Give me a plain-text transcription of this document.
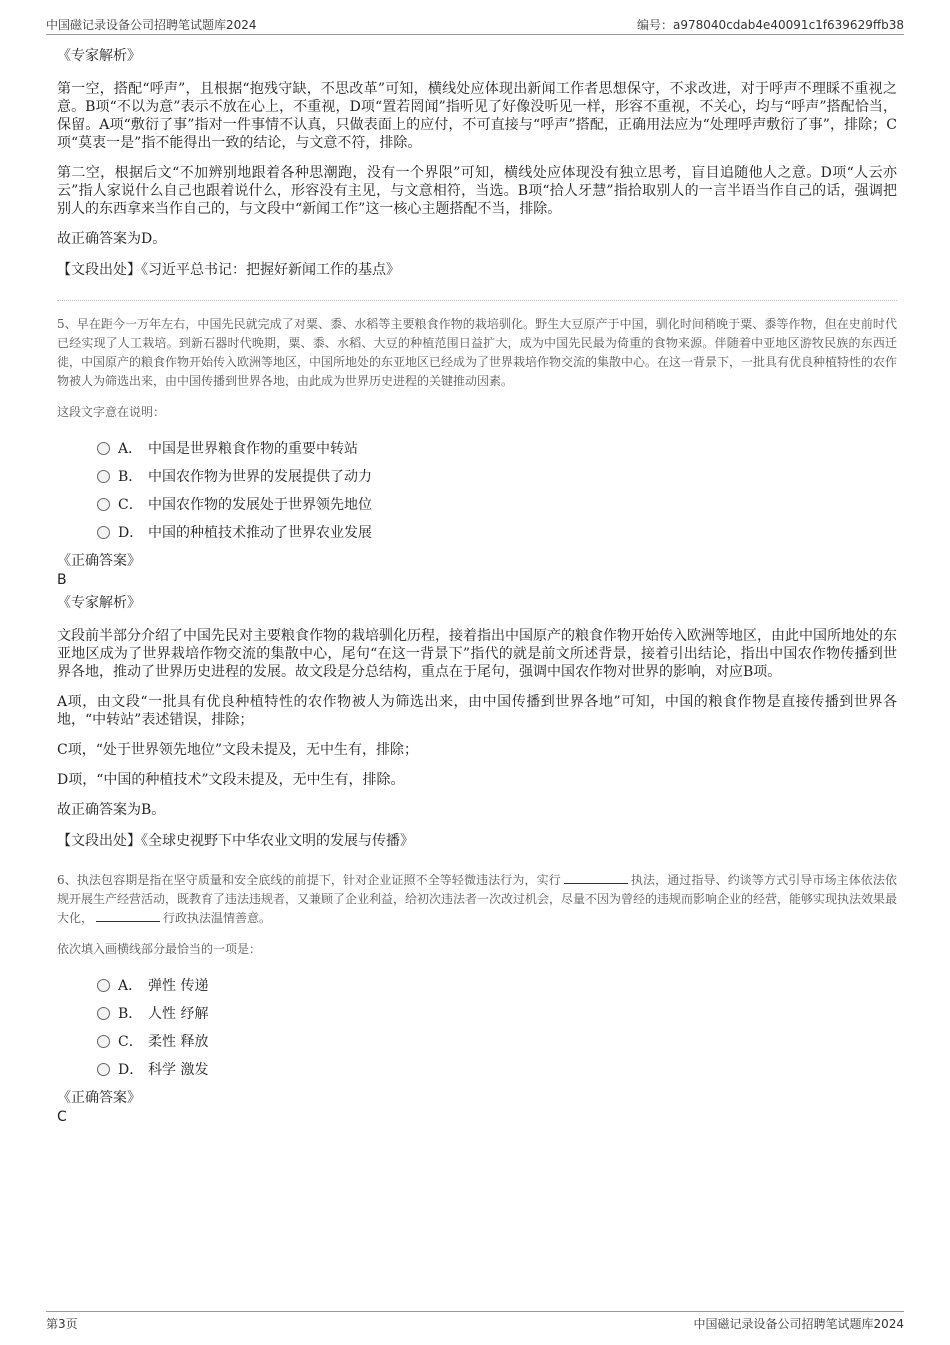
中国磁记录设备公司招聘笔试题库2024	编号：a978040cdab4e40091c1f639629ffb38
《专家解析》

第一空，搭配“呼声”，且根据“抱残守缺，不思改革”可知，横线处应体现出新闻工作者思想保守，不求改进，对于呼声不理睬不重视之意。B项“不以为意”表示不放在心上，不重视，D项“置若罔闻”指听见了好像没听见一样，形容不重视，不关心，均与“呼声”搭配恰当，保留。A项“敷衍了事”指对一件事情不认真，只做表面上的应付，不可直接与“呼声”搭配，正确用法应为“处理呼声敷衍了事”，排除；C项“莫衷一是”指不能得出一致的结论，与文意不符，排除。

第二空，根据后文“不加辨别地跟着各种思潮跑，没有一个界限”可知，横线处应体现没有独立思考，盲目追随他人之意。D项“人云亦云”指人家说什么自己也跟着说什么，形容没有主见，与文意相符，当选。B项“拾人牙慧”指拾取别人的一言半语当作自己的话，强调把别人的东西拿来当作自己的，与文段中“新闻工作”这一核心主题搭配不当，排除。

故正确答案为D。

【文段出处】《习近平总书记：把握好新闻工作的基点》

5、早在距今一万年左右，中国先民就完成了对粟、黍、水稻等主要粮食作物的栽培驯化。野生大豆原产于中国，驯化时间稍晚于粟、黍等作物，但在史前时代已经实现了人工栽培。到新石器时代晚期，粟、黍、水稻、大豆的种植范围日益扩大，成为中国先民最为倚重的食物来源。伴随着中亚地区游牧民族的东西迁徙，中国原产的粮食作物开始传入欧洲等地区，中国所地处的东亚地区已经成为了世界栽培作物交流的集散中心。在这一背景下，一批具有优良种植特性的农作物被人为筛选出来，由中国传播到世界各地，由此成为世界历史进程的关键推动因素。

这段文字意在说明：
A． 中国是世界粮食作物的重要中转站
B． 中国农作物为世界的发展提供了动力
C． 中国农作物的发展处于世界领先地位
D． 中国的种植技术推动了世界农业发展
《正确答案》
B
《专家解析》

文段前半部分介绍了中国先民对主要粮食作物的栽培驯化历程，接着指出中国原产的粮食作物开始传入欧洲等地区，由此中国所地处的东亚地区成为了世界栽培作物交流的集散中心，尾句“在这一背景下”指代的就是前文所述背景，接着引出结论，指出中国农作物传播到世界各地，推动了世界历史进程的发展。故文段是分总结构，重点在于尾句，强调中国农作物对世界的影响，对应B项。

A项，由文段“一批具有优良种植特性的农作物被人为筛选出来，由中国传播到世界各地”可知，中国的粮食作物是直接传播到世界各地，“中转站”表述错误，排除；

C项，“处于世界领先地位”文段未提及，无中生有，排除；

D项，“中国的种植技术”文段未提及，无中生有，排除。

故正确答案为B。

【文段出处】《全球史视野下中华农业文明的发展与传播》

6、执法包容期是指在坚守质量和安全底线的前提下，针对企业证照不全等轻微违法行为，实行	执法，通过指导、约谈等方式引导市场主体依法依规开展生产经营活动，既教育了违法违规者，又兼顾了企业利益，给初次违法者一次改过机会，尽量不因为曾经的违规而影响企业的经营，能够实现执法效果最大化，	行政执法温情善意。

依次填入画横线部分最恰当的一项是：
A． 弹性 传递
B． 人性 纾解
C． 柔性 释放
D． 科学 激发
《正确答案》
C
第3页	中国磁记录设备公司招聘笔试题库2024
